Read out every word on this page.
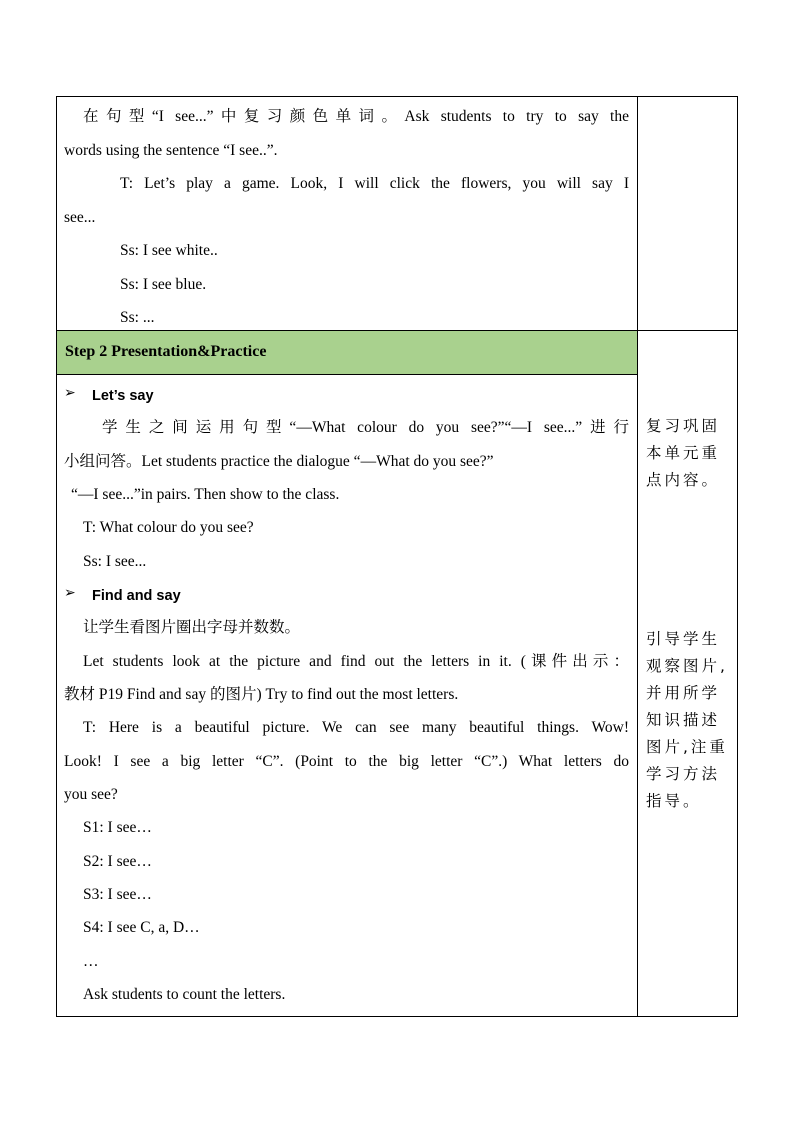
在句型“I see...”中复习颜色单词。Ask students to try to say the
words using the sentence “I see..”.
T: Let’s play a game. Look, I will click the flowers, you will say I
see...
Ss: I see white..
Ss: I see blue.
Ss: ...
Step 2 Presentation&Practice
➢ Let’s say
学生之间运用句型“—What colour do you see?”“—I see...”进行
小组问答。Let students practice the dialogue “—What do you see?”
“—I see...”in pairs. Then show to the class.
T: What colour do you see?
Ss: I see...
➢ Find and say
让学生看图片圈出字母并数数。
Let students look at the picture and find out the letters in it. (课件出示：
教材 P19 Find and say 的图片) Try to find out the most letters.
T: Here is a beautiful picture. We can see many beautiful things. Wow!
Look! I see a big letter “C”. (Point to the big letter “C”.) What letters do
you see?
S1: I see…
S2: I see…
S3: I see…
S4: I see C, a, D…
…
Ask students to count the letters.
复习巩固
本单元重
点内容。
引导学生
观察图片,
并用所学
知识描述
图片,注重
学习方法
指导。
